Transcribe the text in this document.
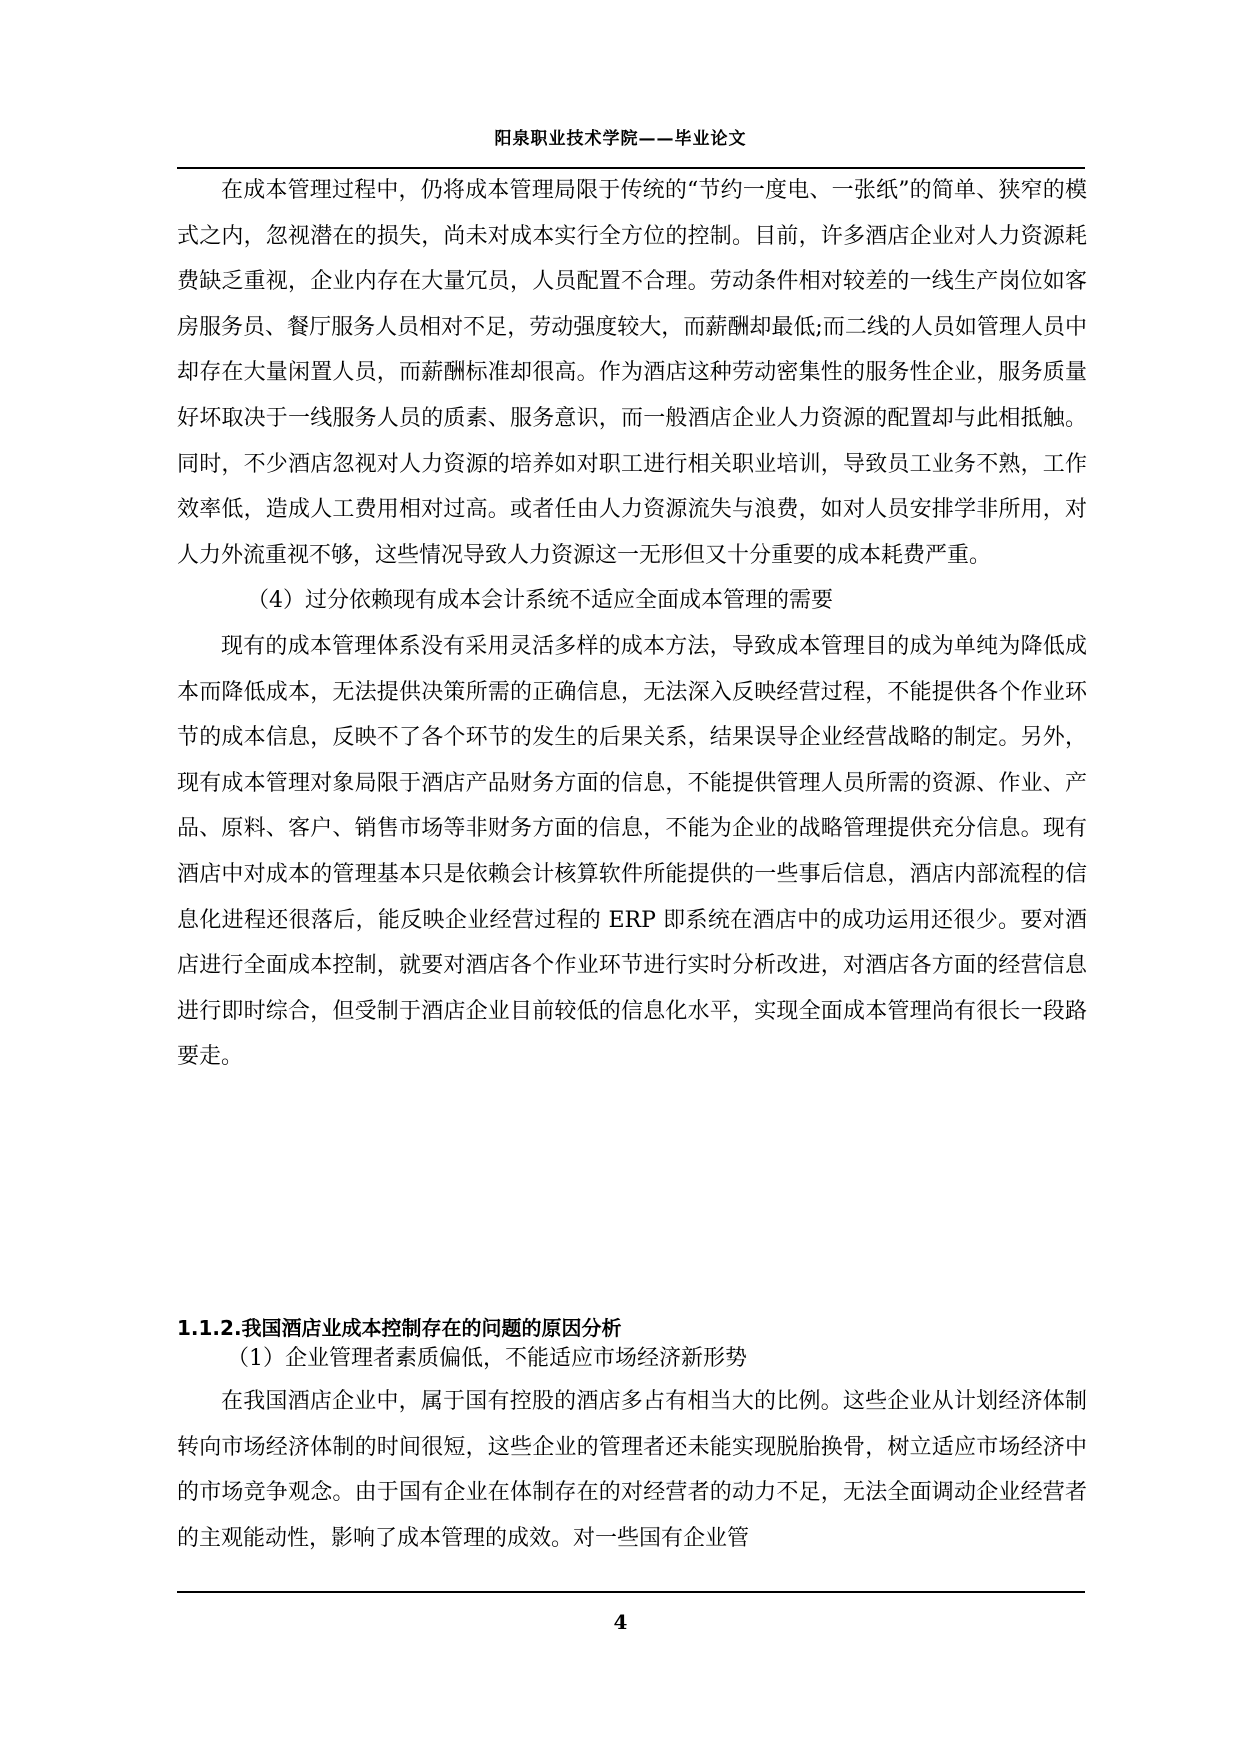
阳泉职业技术学院——毕业论文

在成本管理过程中，仍将成本管理局限于传统的“节约一度电、一张纸”的简单、狭窄的模式之内，忽视潜在的损失，尚未对成本实行全方位的控制。目前，许多酒店企业对人力资源耗费缺乏重视，企业内存在大量冗员，人员配置不合理。劳动条件相对较差的一线生产岗位如客房服务员、餐厅服务人员相对不足，劳动强度较大，而薪酬却最低;而二线的人员如管理人员中却存在大量闲置人员，而薪酬标准却很高。作为酒店这种劳动密集性的服务性企业，服务质量好坏取决于一线服务人员的质素、服务意识，而一般酒店企业人力资源的配置却与此相抵触。同时，不少酒店忽视对人力资源的培养如对职工进行相关职业培训，导致员工业务不熟，工作效率低，造成人工费用相对过高。或者任由人力资源流失与浪费，如对人员安排学非所用，对人力外流重视不够，这些情况导致人力资源这一无形但又十分重要的成本耗费严重。

（4）过分依赖现有成本会计系统不适应全面成本管理的需要

现有的成本管理体系没有采用灵活多样的成本方法，导致成本管理目的成为单纯为降低成本而降低成本，无法提供决策所需的正确信息，无法深入反映经营过程，不能提供各个作业环节的成本信息，反映不了各个环节的发生的后果关系，结果误导企业经营战略的制定。另外，现有成本管理对象局限于酒店产品财务方面的信息，不能提供管理人员所需的资源、作业、产品、原料、客户、销售市场等非财务方面的信息，不能为企业的战略管理提供充分信息。现有酒店中对成本的管理基本只是依赖会计核算软件所能提供的一些事后信息，酒店内部流程的信息化进程还很落后，能反映企业经营过程的 ERP 即系统在酒店中的成功运用还很少。要对酒店进行全面成本控制，就要对酒店各个作业环节进行实时分析改进，对酒店各方面的经营信息进行即时综合，但受制于酒店企业目前较低的信息化水平，实现全面成本管理尚有很长一段路要走。

1.1.2.我国酒店业成本控制存在的问题的原因分析

（1）企业管理者素质偏低，不能适应市场经济新形势

在我国酒店企业中，属于国有控股的酒店多占有相当大的比例。这些企业从计划经济体制转向市场经济体制的时间很短，这些企业的管理者还未能实现脱胎换骨，树立适应市场经济中的市场竞争观念。由于国有企业在体制存在的对经营者的动力不足，无法全面调动企业经营者的主观能动性，影响了成本管理的成效。对一些国有企业管

4
